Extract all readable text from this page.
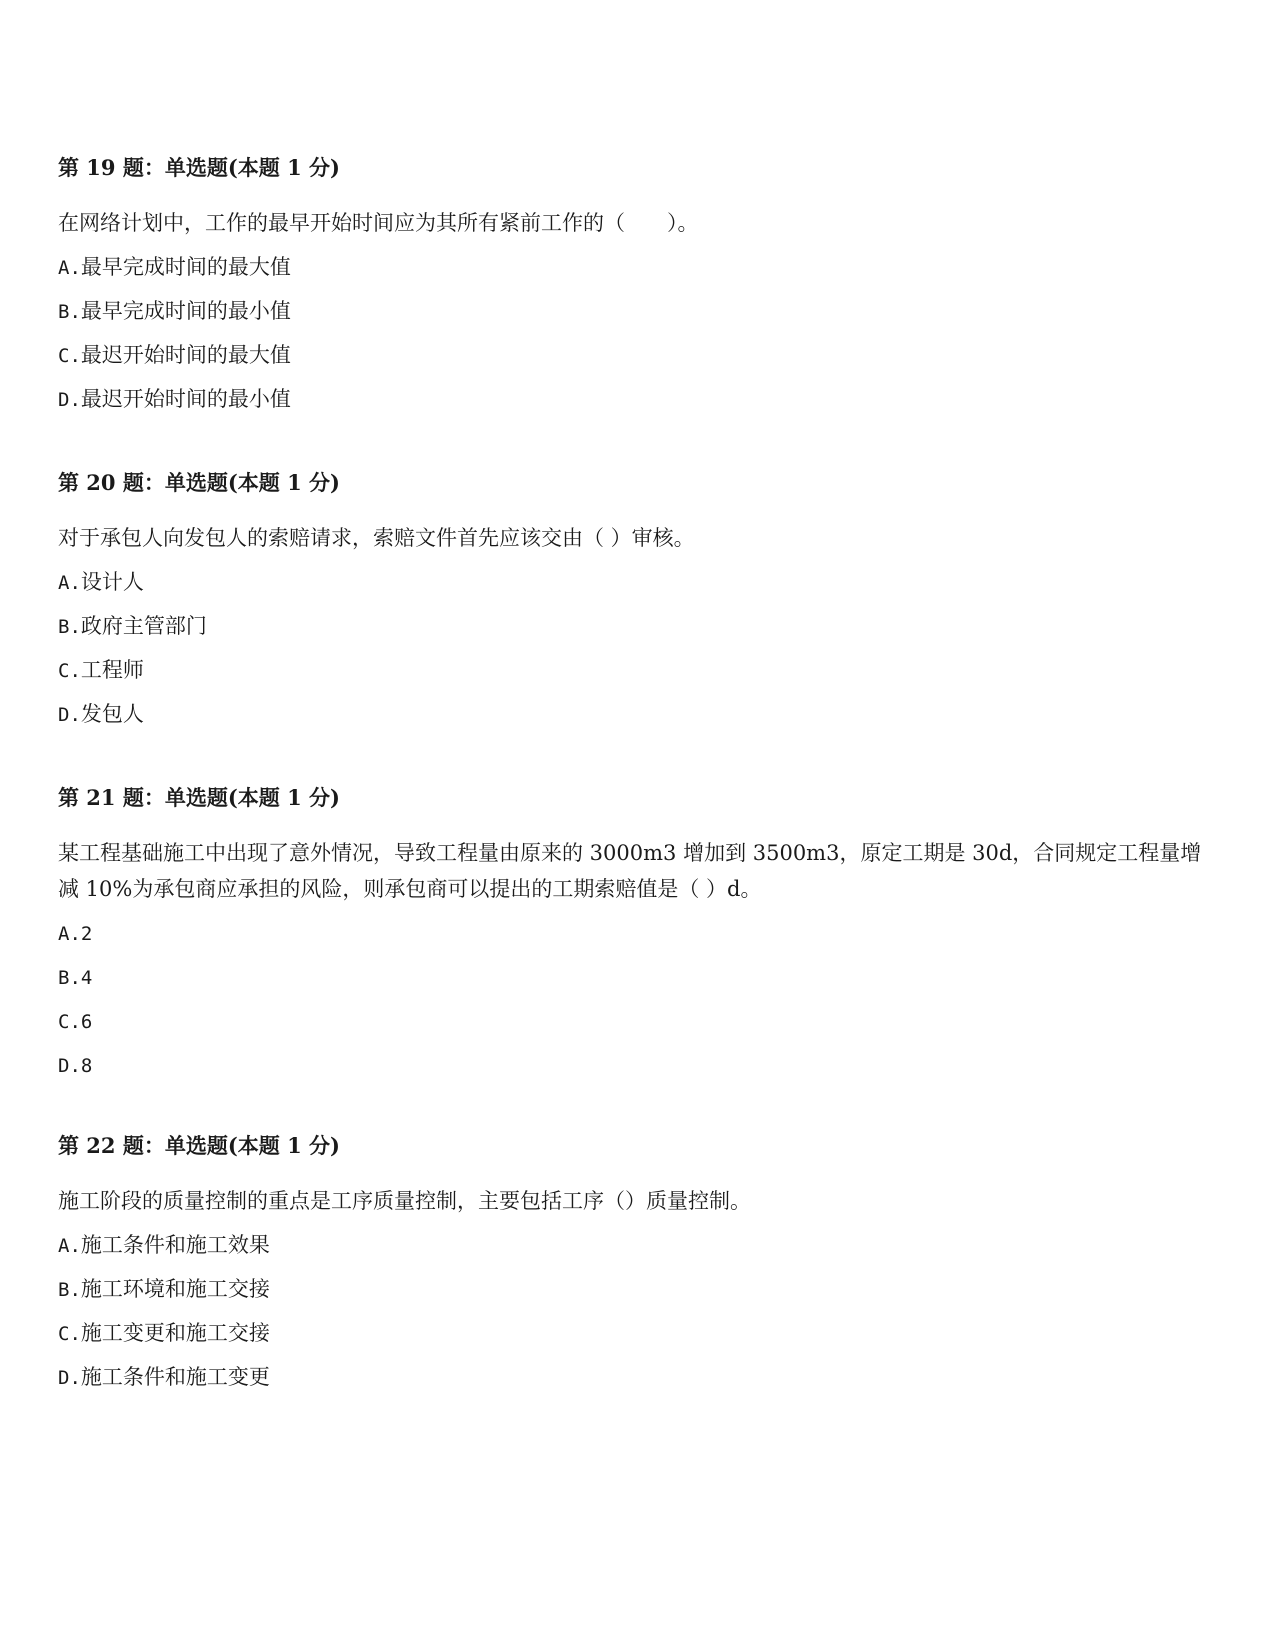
第 19 题：单选题(本题 1 分)

在网络计划中，工作的最早开始时间应为其所有紧前工作的（　　）。

A.最早完成时间的最大值
B.最早完成时间的最小值
C.最迟开始时间的最大值
D.最迟开始时间的最小值
第 20 题：单选题(本题 1 分)

对于承包人向发包人的索赔请求，索赔文件首先应该交由（ ）审核。

A.设计人
B.政府主管部门
C.工程师
D.发包人
第 21 题：单选题(本题 1 分)

某工程基础施工中出现了意外情况，导致工程量由原来的 3000m3 增加到 3500m3，原定工期是 30d，合同规定工程量增减 10%为承包商应承担的风险，则承包商可以提出的工期索赔值是（ ）d。

A.2
B.4
C.6
D.8
第 22 题：单选题(本题 1 分)

施工阶段的质量控制的重点是工序质量控制，主要包括工序（）质量控制。

A.施工条件和施工效果
B.施工环境和施工交接
C.施工变更和施工交接
D.施工条件和施工变更
